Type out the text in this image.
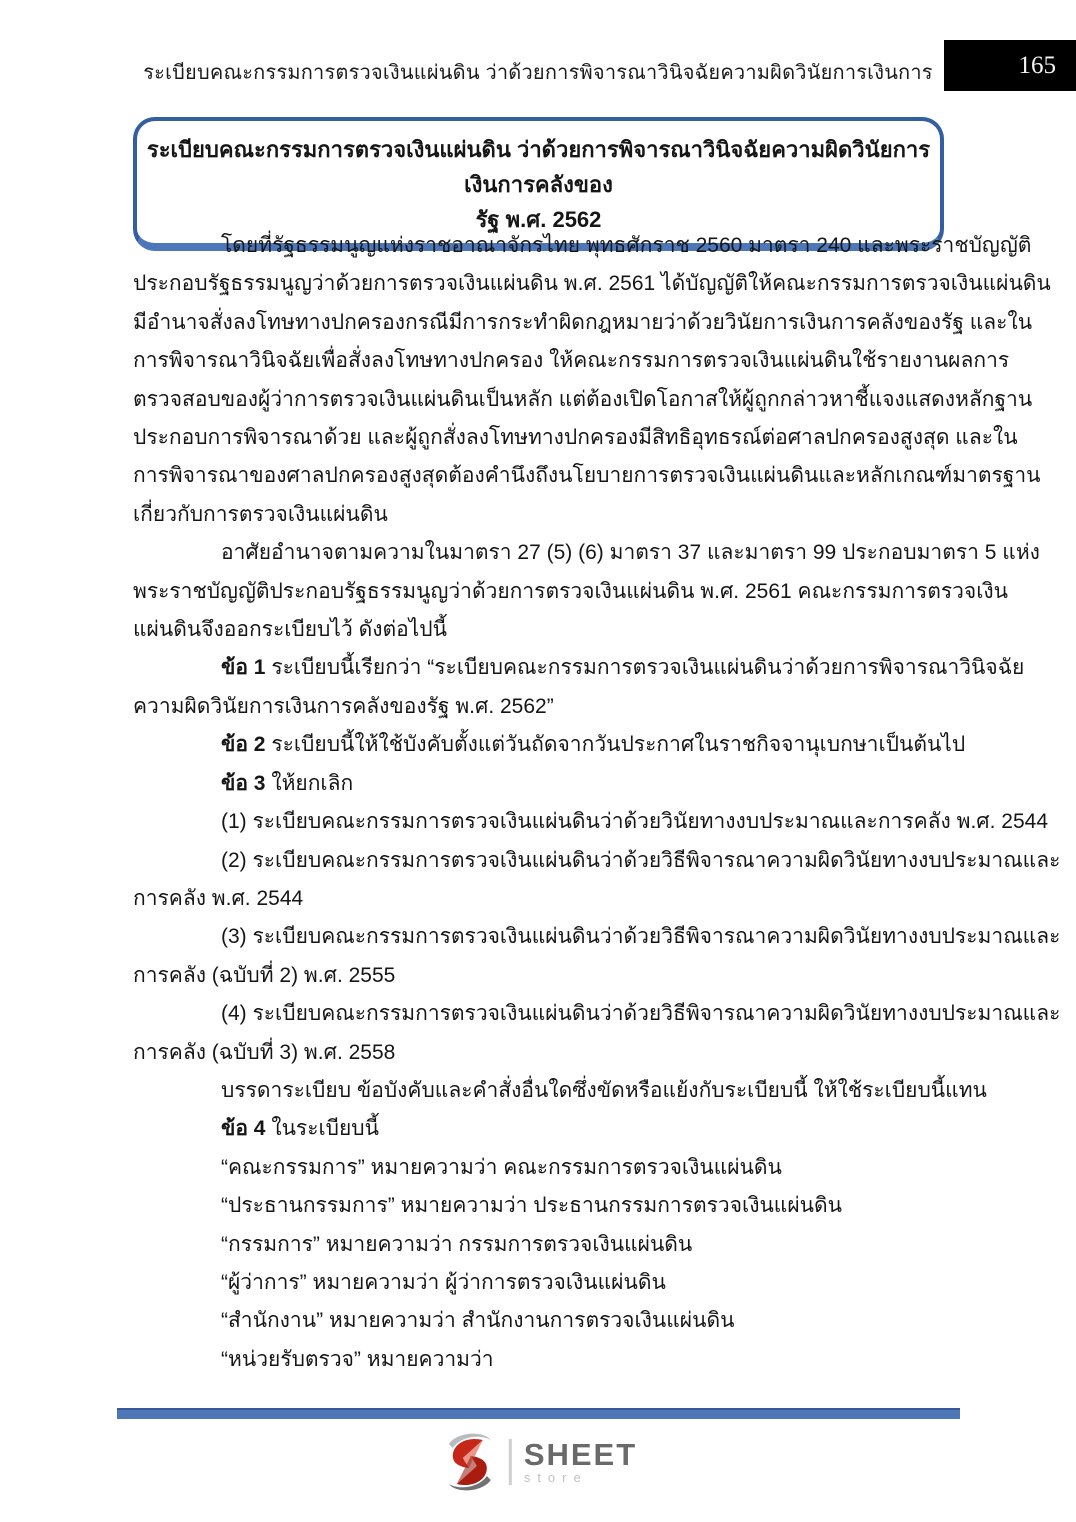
ระเบียบคณะกรรมการตรวจเงินแผ่นดิน ว่าด้วยการพิจารณาวินิจฉัยความผิดวินัยการเงินการ	165
ระเบียบคณะกรรมการตรวจเงินแผ่นดิน ว่าด้วยการพิจารณาวินิจฉัยความผิดวินัยการเงินการคลังของ
รัฐ พ.ศ. 2562
โดยที่รัฐธรรมนูญแห่งราชอาณาจักรไทย พุทธศักราช 2560 มาตรา 240 และพระราชบัญญัติ
ประกอบรัฐธรรมนูญว่าด้วยการตรวจเงินแผ่นดิน พ.ศ. 2561 ได้บัญญัติให้คณะกรรมการตรวจเงินแผ่นดิน
มีอำนาจสั่งลงโทษทางปกครองกรณีมีการกระทำผิดกฎหมายว่าด้วยวินัยการเงินการคลังของรัฐ และใน
การพิจารณาวินิจฉัยเพื่อสั่งลงโทษทางปกครอง ให้คณะกรรมการตรวจเงินแผ่นดินใช้รายงานผลการ
ตรวจสอบของผู้ว่าการตรวจเงินแผ่นดินเป็นหลัก แต่ต้องเปิดโอกาสให้ผู้ถูกกล่าวหาชี้แจงแสดงหลักฐาน
ประกอบการพิจารณาด้วย และผู้ถูกสั่งลงโทษทางปกครองมีสิทธิอุทธรณ์ต่อศาลปกครองสูงสุด และใน
การพิจารณาของศาลปกครองสูงสุดต้องคำนึงถึงนโยบายการตรวจเงินแผ่นดินและหลักเกณฑ์มาตรฐาน
เกี่ยวกับการตรวจเงินแผ่นดิน
อาศัยอำนาจตามความในมาตรา 27 (5) (6) มาตรา 37 และมาตรา 99 ประกอบมาตรา 5 แห่ง
พระราชบัญญัติประกอบรัฐธรรมนูญว่าด้วยการตรวจเงินแผ่นดิน พ.ศ. 2561 คณะกรรมการตรวจเงิน
แผ่นดินจึงออกระเบียบไว้ ดังต่อไปนี้
ข้อ 1 ระเบียบนี้เรียกว่า “ระเบียบคณะกรรมการตรวจเงินแผ่นดินว่าด้วยการพิจารณาวินิจฉัย
ความผิดวินัยการเงินการคลังของรัฐ พ.ศ. 2562”
ข้อ 2 ระเบียบนี้ให้ใช้บังคับตั้งแต่วันถัดจากวันประกาศในราชกิจจานุเบกษาเป็นต้นไป
ข้อ 3 ให้ยกเลิก
(1) ระเบียบคณะกรรมการตรวจเงินแผ่นดินว่าด้วยวินัยทางงบประมาณและการคลัง พ.ศ. 2544
(2) ระเบียบคณะกรรมการตรวจเงินแผ่นดินว่าด้วยวิธีพิจารณาความผิดวินัยทางงบประมาณและ
การคลัง พ.ศ. 2544
(3) ระเบียบคณะกรรมการตรวจเงินแผ่นดินว่าด้วยวิธีพิจารณาความผิดวินัยทางงบประมาณและ
การคลัง (ฉบับที่ 2) พ.ศ. 2555
(4) ระเบียบคณะกรรมการตรวจเงินแผ่นดินว่าด้วยวิธีพิจารณาความผิดวินัยทางงบประมาณและ
การคลัง (ฉบับที่ 3) พ.ศ. 2558
บรรดาระเบียบ ข้อบังคับและคำสั่งอื่นใดซึ่งขัดหรือแย้งกับระเบียบนี้ ให้ใช้ระเบียบนี้แทน
ข้อ 4 ในระเบียบนี้
“คณะกรรมการ” หมายความว่า คณะกรรมการตรวจเงินแผ่นดิน
“ประธานกรรมการ” หมายความว่า ประธานกรรมการตรวจเงินแผ่นดิน
“กรรมการ” หมายความว่า กรรมการตรวจเงินแผ่นดิน
“ผู้ว่าการ” หมายความว่า ผู้ว่าการตรวจเงินแผ่นดิน
“สำนักงาน” หมายความว่า สำนักงานการตรวจเงินแผ่นดิน
“หน่วยรับตรวจ” หมายความว่า
SHEET
store
